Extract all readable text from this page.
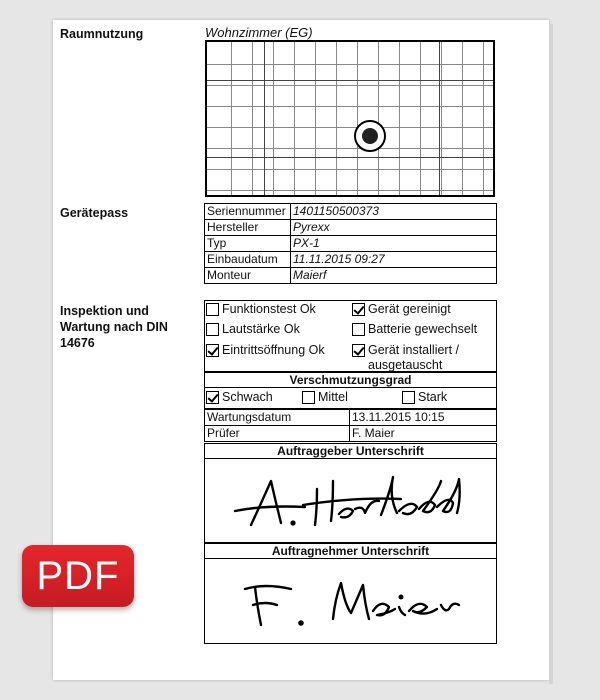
Raumnutzung	Wohnzimmer (EG)
Gerätepass	Seriennummer	1401150500373
Hersteller	Pyrexx
Typ	PX-1
Einbaudatum	11.11.2015 09:27
Monteur	Maierf
Inspektion und
Wartung nach DIN
14676
Funktionstest Ok	Gerät gereinigt
Lautstärke Ok	Batterie gewechselt
Eintrittsöffnung Ok	Gerät installiert /
ausgetauscht
Verschmutzungsgrad
Schwach	Mittel	Stark
Wartungsdatum	13.11.2015 10:15
Prüfer	F. Maier
Auftraggeber Unterschrift
Auftragnehmer Unterschrift
PDF
